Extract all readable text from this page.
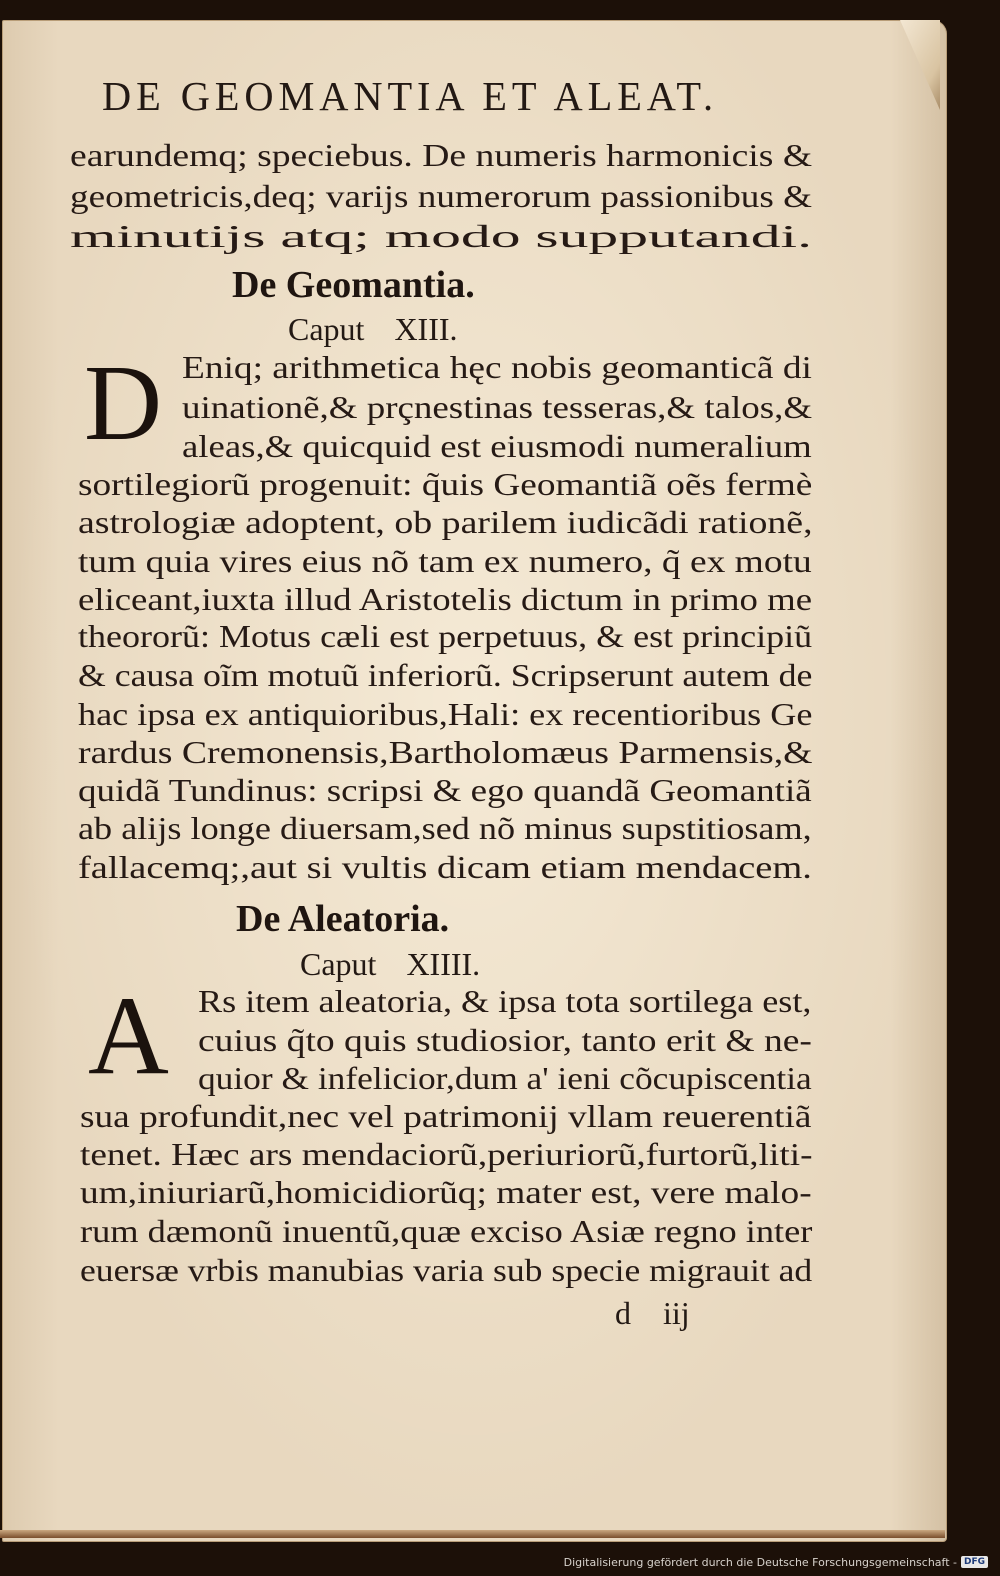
DE GEOMANTIA ET ALEAT.

earundemq; speciebus. De numeris harmonicis &

geometricis,deq; varijs numerorum passionibus &

minutijs atq; modo supputandi.

De Geomantia.

Caput XIII.

D Eniq; arithmetica hęc nobis geomanticã di

uinationẽ,& prçnestinas tesseras,& talos,&

aleas,& quicquid est eiusmodi numeralium

sortilegiorũ progenuit: q̃uis Geomantiã oẽs fermè

astrologiæ adoptent, ob parilem iudicãdi rationẽ,

tum quia vires eius nõ tam ex numero, q̃ ex motu

eliceant,iuxta illud Aristotelis dictum in primo me

theororũ: Motus cæli est perpetuus, & est principiũ

& causa oĩm motuũ inferiorũ. Scripserunt autem de

hac ipsa ex antiquioribus,Hali: ex recentioribus Ge

rardus Cremonensis,Bartholomæus Parmensis,&

quidã Tundinus: scripsi & ego quandã Geomantiã

ab alijs longe diuersam,sed nõ minus supstitiosam,

fallacemq;,aut si vultis dicam etiam mendacem.

De Aleatoria.

Caput XIIII.

A Rs item aleatoria, & ipsa tota sortilega est,

cuius q̃to quis studiosior, tanto erit & ne-

quior & infelicior,dum a' ieni cõcupiscentia

sua profundit,nec vel patrimonij vllam reuerentiã

tenet. Hæc ars mendaciorũ,periuriorũ,furtorũ,liti-

um,iniuriarũ,homicidiorũq; mater est, vere malo-

rum dæmonũ inuentũ,quæ exciso Asiæ regno inter

euersæ vrbis manubias varia sub specie migrauit ad

d iij

Digitalisierung gefördert durch die Deutsche Forschungsgemeinschaft - DFG
